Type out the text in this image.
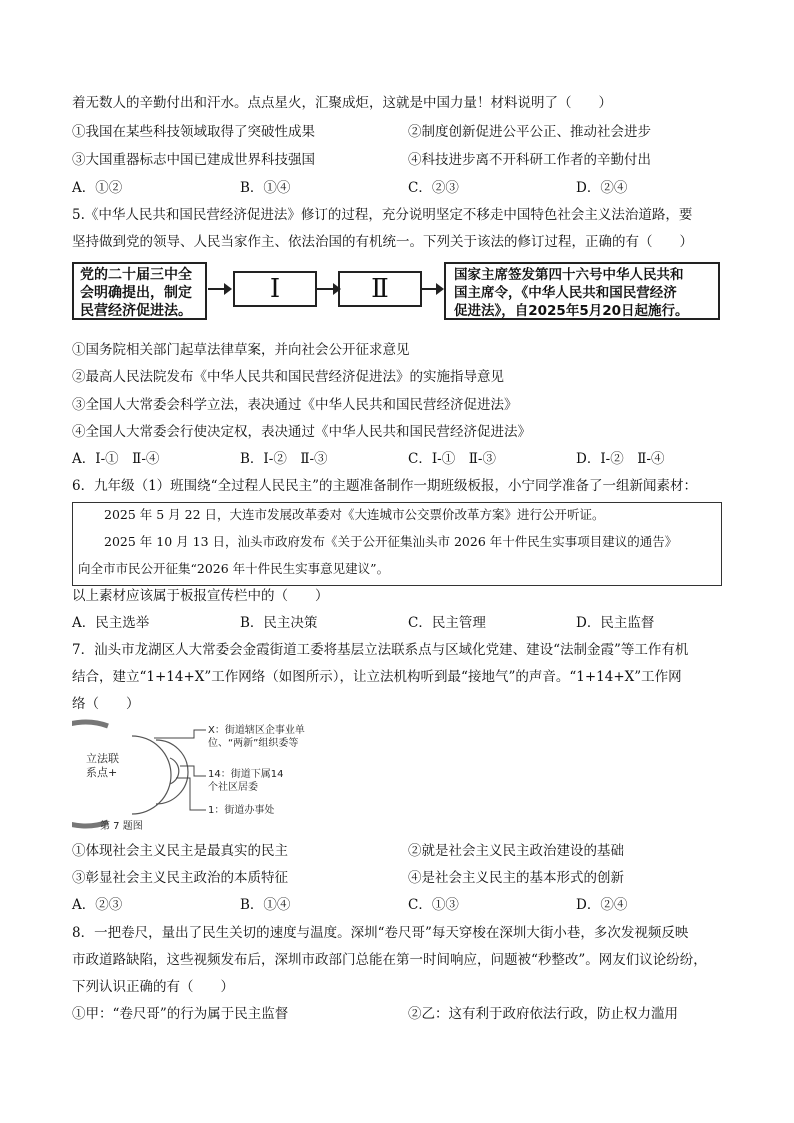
着无数人的辛勤付出和汗水。点点星火，汇聚成炬，这就是中国力量！材料说明了（　　）
①我国在某些科技领域取得了突破性成果	②制度创新促进公平公正、推动社会进步
③大国重器标志中国已建成世界科技强国	④科技进步离不开科研工作者的辛勤付出
A．①②	B．①④	C．②③	D．②④
5.《中华人民共和国民营经济促进法》修订的过程，充分说明坚定不移走中国特色社会主义法治道路，要
坚持做到党的领导、人民当家作主、依法治国的有机统一。下列关于该法的修订过程，正确的有（　　）
党的二十届三中全
会明确提出，制定
民营经济促进法。
Ⅰ	Ⅱ	国家主席签发第四十六号中华人民共和
国主席令，《中华人民共和国民营经济
促进法》，自2025年5月20日起施行。
①国务院相关部门起草法律草案，并向社会公开征求意见
②最高人民法院发布《中华人民共和国民营经济促进法》的实施指导意见
③全国人大常委会科学立法，表决通过《中华人民共和国民营经济促进法》
④全国人大常委会行使决定权，表决通过《中华人民共和国民营经济促进法》
A．Ⅰ-①　Ⅱ-④	B．Ⅰ-②　Ⅱ-③	C．Ⅰ-①　Ⅱ-③	D．Ⅰ-②　Ⅱ-④
6．九年级（1）班围绕“全过程人民民主”的主题准备制作一期班级板报，小宁同学准备了一组新闻素材：
2025 年 5 月 22 日，大连市发展改革委对《大连城市公交票价改革方案》进行公开听证。
2025 年 10 月 13 日，汕头市政府发布《关于公开征集汕头市 2026 年十件民生实事项目建议的通告》
向全市市民公开征集“2026 年十件民生实事意见建议”。
以上素材应该属于板报宣传栏中的（　　）
A．民主选举	B．民主决策	C．民主管理	D．民主监督
7．汕头市龙湖区人大常委会金霞街道工委将基层立法联系点与区域化党建、建设“法制金霞”等工作有机
结合，建立“1+14+X”工作网络（如图所示），让立法机构听到最“接地气”的声音。“1+14+X”工作网
络（　　）
立法联
系点+
X：街道辖区企事业单
位、“两新”组织委等
14：街道下属14
个社区居委
1：街道办事处
第 7 题图
①体现社会主义民主是最真实的民主	②就是社会主义民主政治建设的基础
③彰显社会主义民主政治的本质特征	④是社会主义民主的基本形式的创新
A．②③	B．①④	C．①③	D．②④
8．一把卷尺，量出了民生关切的速度与温度。深圳“卷尺哥”每天穿梭在深圳大街小巷，多次发视频反映
市政道路缺陷，这些视频发布后，深圳市政部门总能在第一时间响应，问题被“秒整改”。网友们议论纷纷，
下列认识正确的有（　　）
①甲：“卷尺哥”的行为属于民主监督	②乙：这有利于政府依法行政，防止权力滥用
